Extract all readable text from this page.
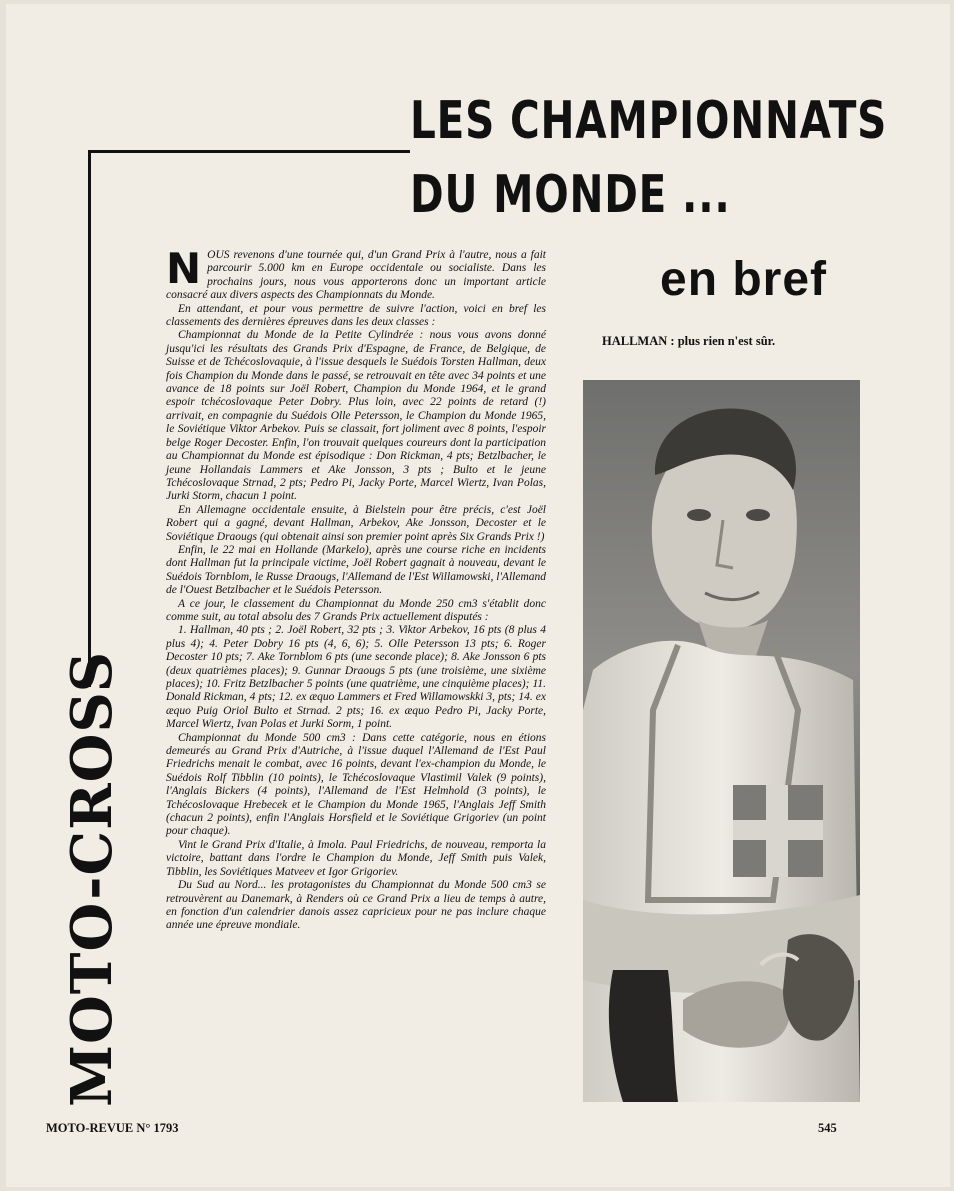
LES CHAMPIONNATS
DU MONDE ...
MOTO-CROSS
en bref
HALLMAN : plus rien n'est sûr.

NOUS revenons d'une tournée qui, d'un Grand Prix à l'autre, nous a fait parcourir 5.000 km en Europe occidentale ou socialiste. Dans les prochains jours, nous vous apporterons donc un important article consacré aux divers aspects des Championnats du Monde.

En attendant, et pour vous permettre de suivre l'action, voici en bref les classements des dernières épreuves dans les deux classes :

Championnat du Monde de la Petite Cylindrée : nous vous avons donné jusqu'ici les résultats des Grands Prix d'Espagne, de France, de Belgique, de Suisse et de Tchécoslovaquie, à l'issue desquels le Suédois Torsten Hallman, deux fois Champion du Monde dans le passé, se retrouvait en tête avec 34 points et une avance de 18 points sur Joël Robert, Champion du Monde 1964, et le grand espoir tchécoslovaque Peter Dobry. Plus loin, avec 22 points de retard (!) arrivait, en compagnie du Suédois Olle Petersson, le Champion du Monde 1965, le Soviétique Viktor Arbekov. Puis se classait, fort joliment avec 8 points, l'espoir belge Roger Decoster. Enfin, l'on trouvait quelques coureurs dont la participation au Championnat du Monde est épisodique : Don Rickman, 4 pts; Betzlbacher, le jeune Hollandais Lammers et Ake Jonsson, 3 pts ; Bulto et le jeune Tchécoslovaque Strnad, 2 pts; Pedro Pi, Jacky Porte, Marcel Wiertz, Ivan Polas, Jurki Storm, chacun 1 point.

En Allemagne occidentale ensuite, à Bielstein pour être précis, c'est Joël Robert qui a gagné, devant Hallman, Arbekov, Ake Jonsson, Decoster et le Soviétique Draougs (qui obtenait ainsi son premier point après Six Grands Prix !)

Enfin, le 22 mai en Hollande (Markelo), après une course riche en incidents dont Hallman fut la principale victime, Joël Robert gagnait à nouveau, devant le Suédois Tornblom, le Russe Draougs, l'Allemand de l'Est Willamowski, l'Allemand de l'Ouest Betzlbacher et le Suédois Petersson.

A ce jour, le classement du Championnat du Monde 250 cm3 s'établit donc comme suit, au total absolu des 7 Grands Prix actuellement disputés :

1. Hallman, 40 pts ; 2. Joël Robert, 32 pts ; 3. Viktor Arbekov, 16 pts (8 plus 4 plus 4); 4. Peter Dobry 16 pts (4, 6, 6); 5. Olle Petersson 13 pts; 6. Roger Decoster 10 pts; 7. Ake Tornblom 6 pts (une seconde place); 8. Ake Jonsson 6 pts (deux quatrièmes places); 9. Gunnar Draougs 5 pts (une troisième, une sixième places); 10. Fritz Betzlbacher 5 points (une quatrième, une cinquième places); 11. Donald Rickman, 4 pts; 12. ex æquo Lammers et Fred Willamowskki 3, pts; 14. ex æquo Puig Oriol Bulto et Strnad. 2 pts; 16. ex æquo Pedro Pi, Jacky Porte, Marcel Wiertz, Ivan Polas et Jurki Sorm, 1 point.

Championnat du Monde 500 cm3 : Dans cette catégorie, nous en étions demeurés au Grand Prix d'Autriche, à l'issue duquel l'Allemand de l'Est Paul Friedrichs menait le combat, avec 16 points, devant l'ex-champion du Monde, le Suédois Rolf Tibblin (10 points), le Tchécoslovaque Vlastimil Valek (9 points), l'Anglais Bickers (4 points), l'Allemand de l'Est Helmhold (3 points), le Tchécoslovaque Hrebecek et le Champion du Monde 1965, l'Anglais Jeff Smith (chacun 2 points), enfin l'Anglais Horsfield et le Soviétique Grigoriev (un point pour chaque).

Vint le Grand Prix d'Italie, à Imola. Paul Friedrichs, de nouveau, remporta la victoire, battant dans l'ordre le Champion du Monde, Jeff Smith puis Valek, Tibblin, les Soviétiques Matveev et Igor Grigoriev.

Du Sud au Nord... les protagonistes du Championnat du Monde 500 cm3 se retrouvèrent au Danemark, à Renders où ce Grand Prix a lieu de temps à autre, en fonction d'un calendrier danois assez capricieux pour ne pas inclure chaque année une épreuve mondiale.

MOTO-REVUE N° 1793	545
